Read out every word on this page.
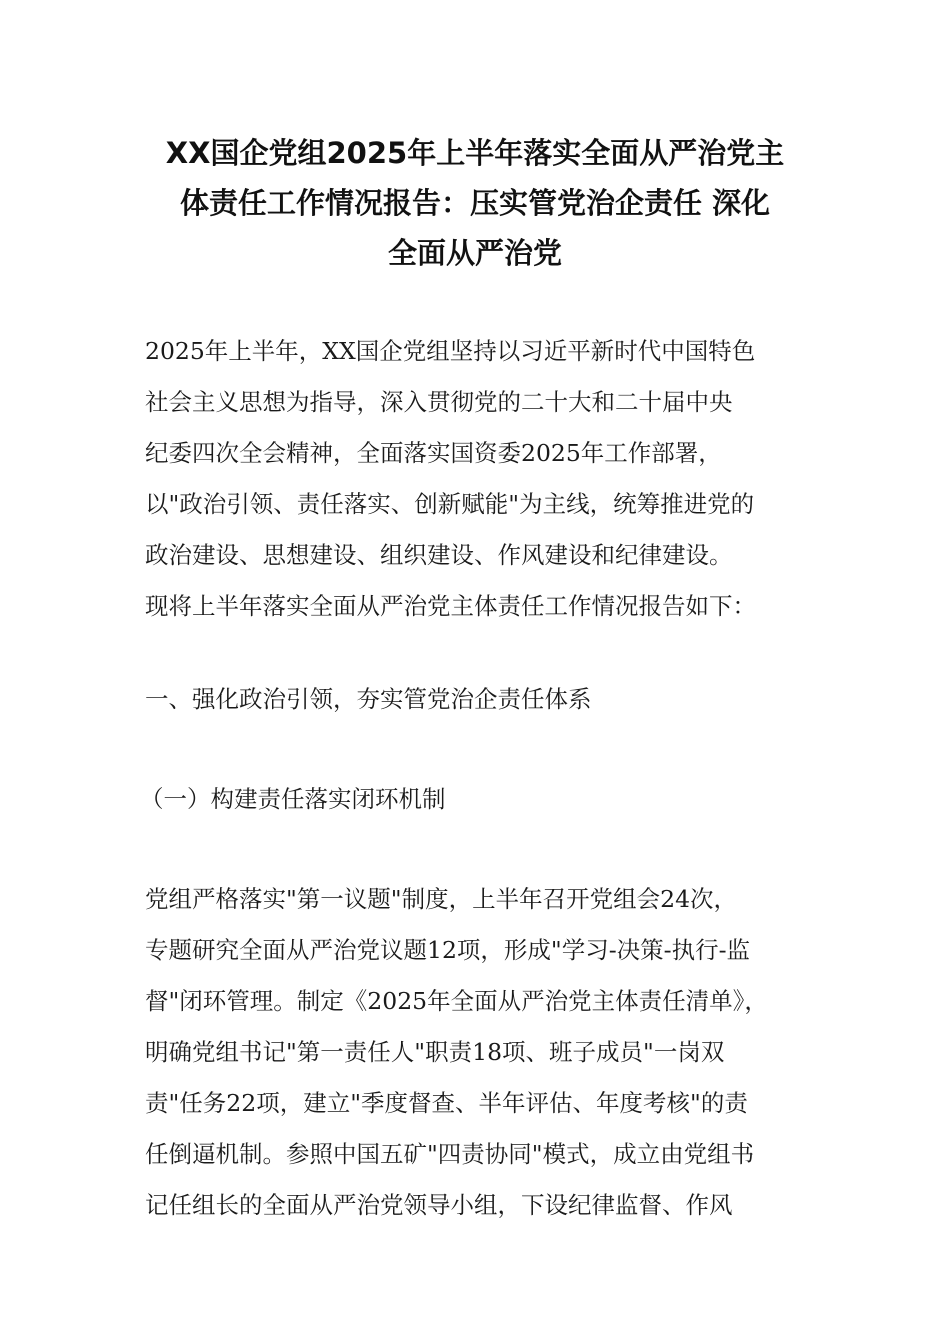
XX国企党组2025年上半年落实全面从严治党主
体责任工作情况报告：压实管党治企责任 深化
全面从严治党
2025年上半年，XX国企党组坚持以习近平新时代中国特色
社会主义思想为指导，深入贯彻党的二十大和二十届中央
纪委四次全会精神，全面落实国资委2025年工作部署，
以"政治引领、责任落实、创新赋能"为主线，统筹推进党的
政治建设、思想建设、组织建设、作风建设和纪律建设。
现将上半年落实全面从严治党主体责任工作情况报告如下：
一、强化政治引领，夯实管党治企责任体系
（一）构建责任落实闭环机制
党组严格落实"第一议题"制度，上半年召开党组会24次，
专题研究全面从严治党议题12项，形成"学习-决策-执行-监
督"闭环管理。制定《2025年全面从严治党主体责任清单》，
明确党组书记"第一责任人"职责18项、班子成员"一岗双
责"任务22项，建立"季度督查、半年评估、年度考核"的责
任倒逼机制。参照中国五矿"四责协同"模式，成立由党组书
记任组长的全面从严治党领导小组，下设纪律监督、作风
